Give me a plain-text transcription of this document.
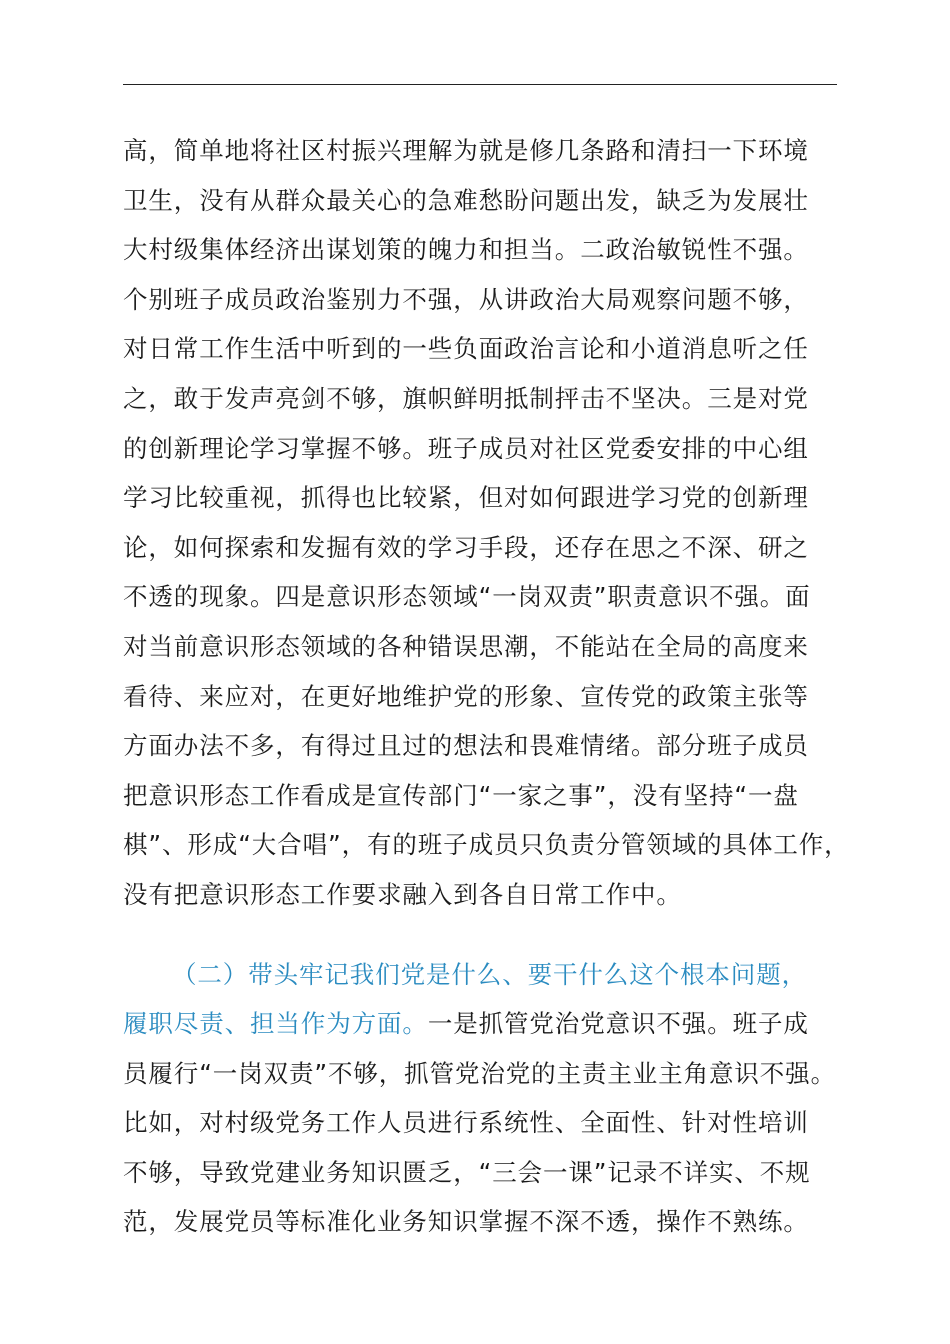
高，简单地将社区村振兴理解为就是修几条路和清扫一下环境
卫生，没有从群众最关心的急难愁盼问题出发，缺乏为发展壮
大村级集体经济出谋划策的魄力和担当。二政治敏锐性不强。
个别班子成员政治鉴别力不强，从讲政治大局观察问题不够，
对日常工作生活中听到的一些负面政治言论和小道消息听之任
之，敢于发声亮剑不够，旗帜鲜明抵制抨击不坚决。三是对党
的创新理论学习掌握不够。班子成员对社区党委安排的中心组
学习比较重视，抓得也比较紧，但对如何跟进学习党的创新理
论，如何探索和发掘有效的学习手段，还存在思之不深、研之
不透的现象。四是意识形态领域“一岗双责”职责意识不强。面
对当前意识形态领域的各种错误思潮，不能站在全局的高度来
看待、来应对，在更好地维护党的形象、宣传党的政策主张等
方面办法不多，有得过且过的想法和畏难情绪。部分班子成员
把意识形态工作看成是宣传部门“一家之事”，没有坚持“一盘
棋”、形成“大合唱”，有的班子成员只负责分管领域的具体工作，
没有把意识形态工作要求融入到各自日常工作中。
（二）带头牢记我们党是什么、要干什么这个根本问题，
履职尽责、担当作为方面。一是抓管党治党意识不强。班子成
员履行“一岗双责”不够，抓管党治党的主责主业主角意识不强。
比如，对村级党务工作人员进行系统性、全面性、针对性培训
不够，导致党建业务知识匮乏，“三会一课”记录不详实、不规
范，发展党员等标准化业务知识掌握不深不透，操作不熟练。
